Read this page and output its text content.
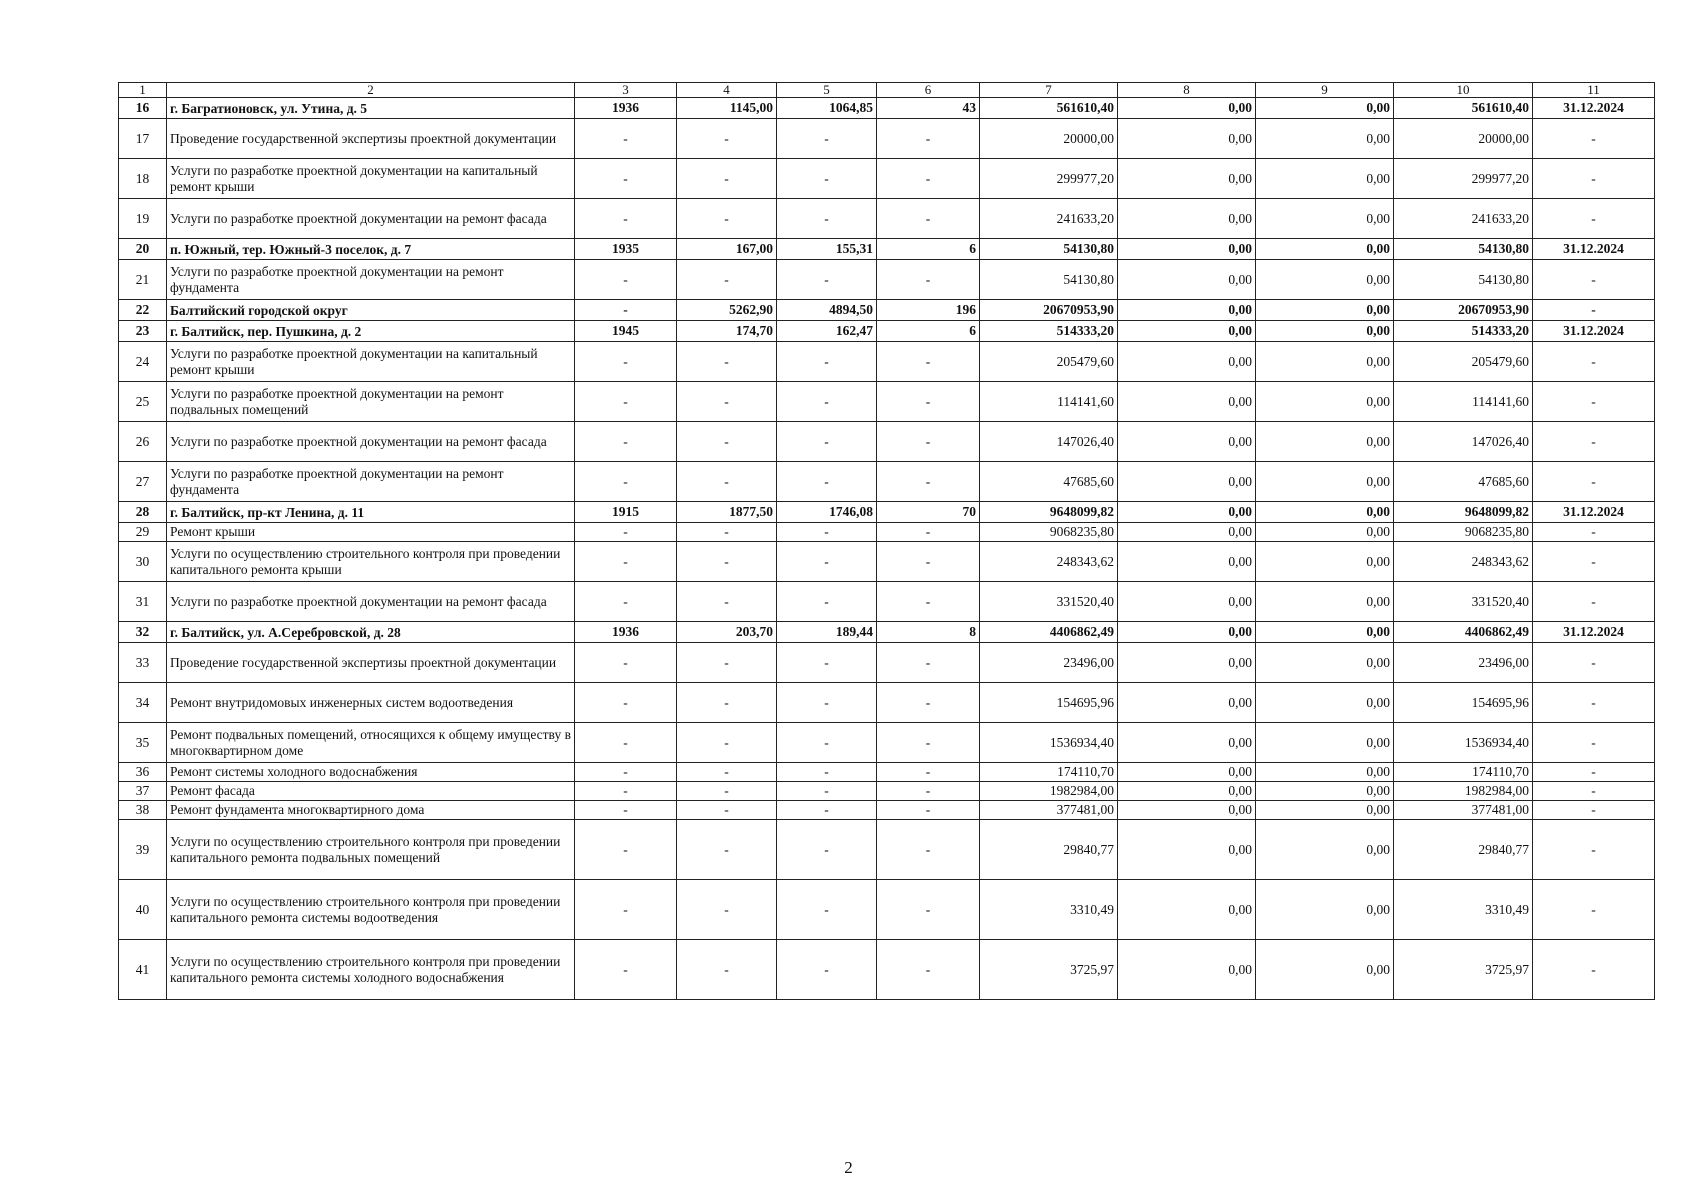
1	2	3	4	5	6	7	8	9	10	11
16	г. Багратионовск, ул. Утина, д. 5	1936	1145,00	1064,85	43	561610,40	0,00	0,00	561610,40	31.12.2024
17	Проведение государственной экспертизы проектной документации	-	-	-	-	20000,00	0,00	0,00	20000,00	-
18	Услуги по разработке проектной документации на капитальный ремонт крыши	-	-	-	-	299977,20	0,00	0,00	299977,20	-
19	Услуги по разработке проектной документации на ремонт фасада	-	-	-	-	241633,20	0,00	0,00	241633,20	-
20	п. Южный, тер. Южный-3 поселок, д. 7	1935	167,00	155,31	6	54130,80	0,00	0,00	54130,80	31.12.2024
21	Услуги по разработке проектной документации на ремонт фундамента	-	-	-	-	54130,80	0,00	0,00	54130,80	-
22	Балтийский городской округ	-	5262,90	4894,50	196	20670953,90	0,00	0,00	20670953,90	-
23	г. Балтийск, пер. Пушкина, д. 2	1945	174,70	162,47	6	514333,20	0,00	0,00	514333,20	31.12.2024
24	Услуги по разработке проектной документации на капитальный ремонт крыши	-	-	-	-	205479,60	0,00	0,00	205479,60	-
25	Услуги по разработке проектной документации на ремонт подвальных помещений	-	-	-	-	114141,60	0,00	0,00	114141,60	-
26	Услуги по разработке проектной документации на ремонт фасада	-	-	-	-	147026,40	0,00	0,00	147026,40	-
27	Услуги по разработке проектной документации на ремонт фундамента	-	-	-	-	47685,60	0,00	0,00	47685,60	-
28	г. Балтийск, пр-кт Ленина, д. 11	1915	1877,50	1746,08	70	9648099,82	0,00	0,00	9648099,82	31.12.2024
29	Ремонт крыши	-	-	-	-	9068235,80	0,00	0,00	9068235,80	-
30	Услуги по осуществлению строительного контроля при проведении капитального ремонта крыши	-	-	-	-	248343,62	0,00	0,00	248343,62	-
31	Услуги по разработке проектной документации на ремонт фасада	-	-	-	-	331520,40	0,00	0,00	331520,40	-
32	г. Балтийск, ул. А.Серебровской, д. 28	1936	203,70	189,44	8	4406862,49	0,00	0,00	4406862,49	31.12.2024
33	Проведение государственной экспертизы проектной документации	-	-	-	-	23496,00	0,00	0,00	23496,00	-
34	Ремонт внутридомовых инженерных систем водоотведения	-	-	-	-	154695,96	0,00	0,00	154695,96	-
35	Ремонт подвальных помещений, относящихся к общему имуществу в многоквартирном доме	-	-	-	-	1536934,40	0,00	0,00	1536934,40	-
36	Ремонт системы холодного водоснабжения	-	-	-	-	174110,70	0,00	0,00	174110,70	-
37	Ремонт фасада	-	-	-	-	1982984,00	0,00	0,00	1982984,00	-
38	Ремонт фундамента многоквартирного дома	-	-	-	-	377481,00	0,00	0,00	377481,00	-
39	Услуги по осуществлению строительного контроля при проведении капитального ремонта подвальных помещений	-	-	-	-	29840,77	0,00	0,00	29840,77	-
40	Услуги по осуществлению строительного контроля при проведении капитального ремонта системы водоотведения	-	-	-	-	3310,49	0,00	0,00	3310,49	-
41	Услуги по осуществлению строительного контроля при проведении капитального ремонта системы холодного водоснабжения	-	-	-	-	3725,97	0,00	0,00	3725,97	-
2
